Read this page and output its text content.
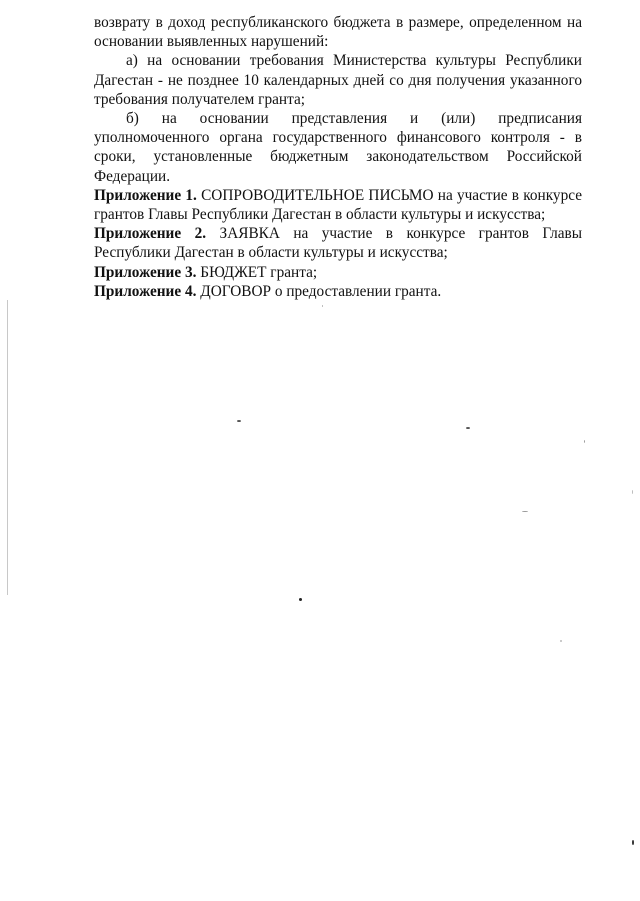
возврату в доход республиканского бюджета в размере, определенном на основании выявленных нарушений:

а) на основании требования Министерства культуры Республики Дагестан - не позднее 10 календарных дней со дня получения указанного требования получателем гранта;

б) на основании представления и (или) предписания уполномоченного органа государственного финансового контроля - в сроки, установленные бюджетным законодательством Российской Федерации.

Приложение 1. СОПРОВОДИТЕЛЬНОЕ ПИСЬМО на участие в конкурсе грантов Главы Республики Дагестан в области культуры и искусства;

Приложение 2. ЗАЯВКА на участие в конкурсе грантов Главы Республики Дагестан в области культуры и искусства;

Приложение 3. БЮДЖЕТ гранта;

Приложение 4. ДОГОВОР о предоставлении гранта.
